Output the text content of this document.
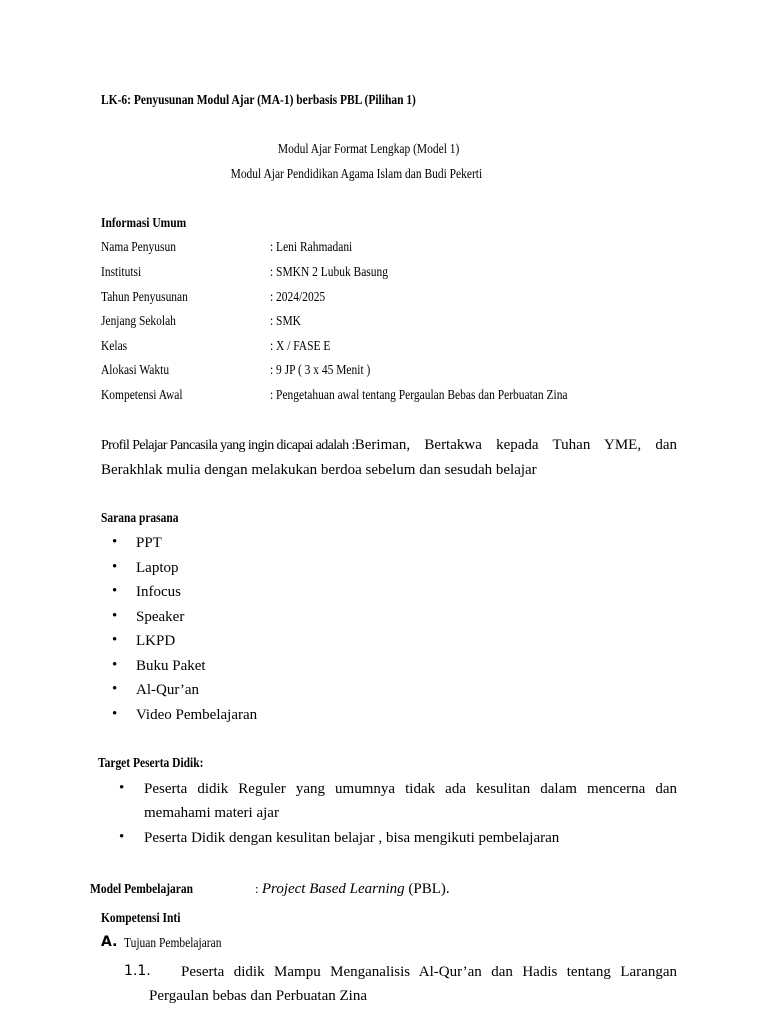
LK-6: Penyusunan Modul Ajar (MA-1) berbasis PBL (Pilihan 1)
Modul Ajar Format Lengkap (Model 1)
Modul Ajar Pendidikan Agama Islam dan Budi Pekerti
Informasi Umum
Nama Penyusun	: Leni Rahmadani
Institutsi	: SMKN 2 Lubuk Basung
Tahun Penyusunan	: 2024/2025
Jenjang Sekolah	: SMK
Kelas	: X / FASE E
Alokasi Waktu	: 9 JP ( 3 x 45 Menit )
Kompetensi Awal	: Pengetahuan awal tentang Pergaulan Bebas dan Perbuatan Zina
Profil Pelajar Pancasila yang ingin dicapai adalah :Beriman, Bertakwa kepada Tuhan YME, dan Berakhlak mulia dengan melakukan berdoa sebelum dan sesudah belajar
Sarana prasana
• PPT
• Laptop
• Infocus
• Speaker
• LKPD
• Buku Paket
• Al-Qur’an
• Video Pembelajaran
Target Peserta Didik:
• Peserta didik Reguler yang umumnya tidak ada kesulitan dalam mencerna dan memahami materi ajar
• Peserta Didik dengan kesulitan belajar , bisa mengikuti pembelajaran
Model Pembelajaran	: Project Based Learning (PBL).
Kompetensi Inti
A. Tujuan Pembelajaran
1.1.	Peserta didik Mampu Menganalisis Al-Qur’an dan Hadis tentang Larangan Pergaulan bebas dan Perbuatan Zina
